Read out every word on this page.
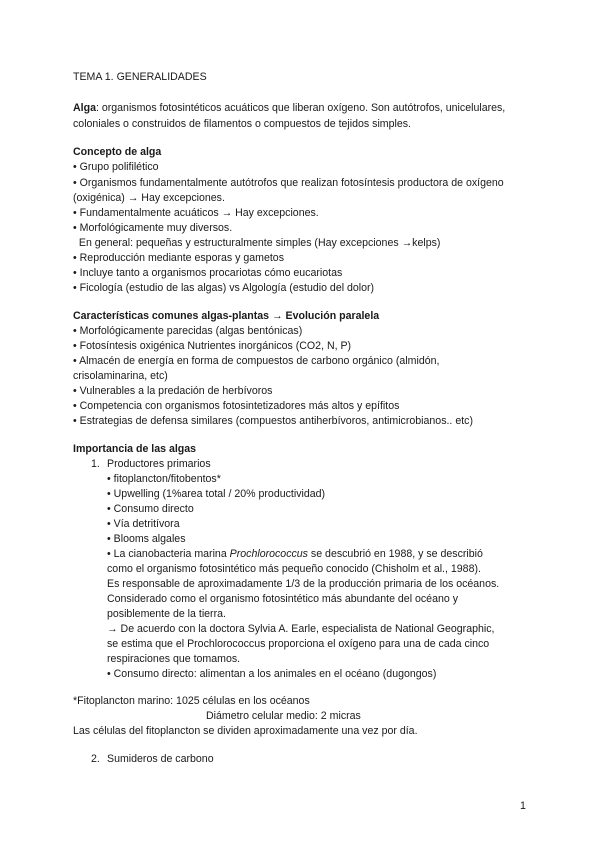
TEMA 1. GENERALIDADES
Alga: organismos fotosintéticos acuáticos que liberan oxígeno. Son autótrofos, unicelulares,
coloniales o construidos de filamentos o compuestos de tejidos simples.
Concepto de alga
• Grupo polifilético
• Organismos fundamentalmente autótrofos que realizan fotosíntesis productora de oxígeno
(oxigénica) → Hay excepciones.
• Fundamentalmente acuáticos → Hay excepciones.
• Morfológicamente muy diversos.
En general: pequeñas y estructuralmente simples (Hay excepciones →kelps)
• Reproducción mediante esporas y gametos
• Incluye tanto a organismos procariotas cómo eucariotas
• Ficología (estudio de las algas) vs Algología (estudio del dolor)
Características comunes algas-plantas → Evolución paralela
• Morfológicamente parecidas (algas bentónicas)
• Fotosíntesis oxigénica Nutrientes inorgánicos (CO2, N, P)
• Almacén de energía en forma de compuestos de carbono orgánico (almidón,
crisolaminarina, etc)
• Vulnerables a la predación de herbívoros
• Competencia con organismos fotosintetizadores más altos y epífitos
• Estrategias de defensa similares (compuestos antiherbívoros, antimicrobianos.. etc)
Importancia de las algas
1. Productores primarios
• fitoplancton/fitobentos*
• Upwelling (1%area total / 20% productividad)
• Consumo directo
• Vía detritívora
• Blooms algales
• La cianobacteria marina Prochlorococcus se descubrió en 1988, y se describió
como el organismo fotosintético más pequeño conocido (Chisholm et al., 1988).
Es responsable de aproximadamente 1/3 de la producción primaria de los océanos.
Considerado como el organismo fotosintético más abundante del océano y
posiblemente de la tierra.
→ De acuerdo con la doctora Sylvia A. Earle, especialista de National Geographic,
se estima que el Prochlorococcus proporciona el oxígeno para una de cada cinco
respiraciones que tomamos.
• Consumo directo: alimentan a los animales en el océano (dugongos)
*Fitoplancton marino: 1025 células en los océanos
Diámetro celular medio: 2 micras
Las células del fitoplancton se dividen aproximadamente una vez por día.
2. Sumideros de carbono
1
